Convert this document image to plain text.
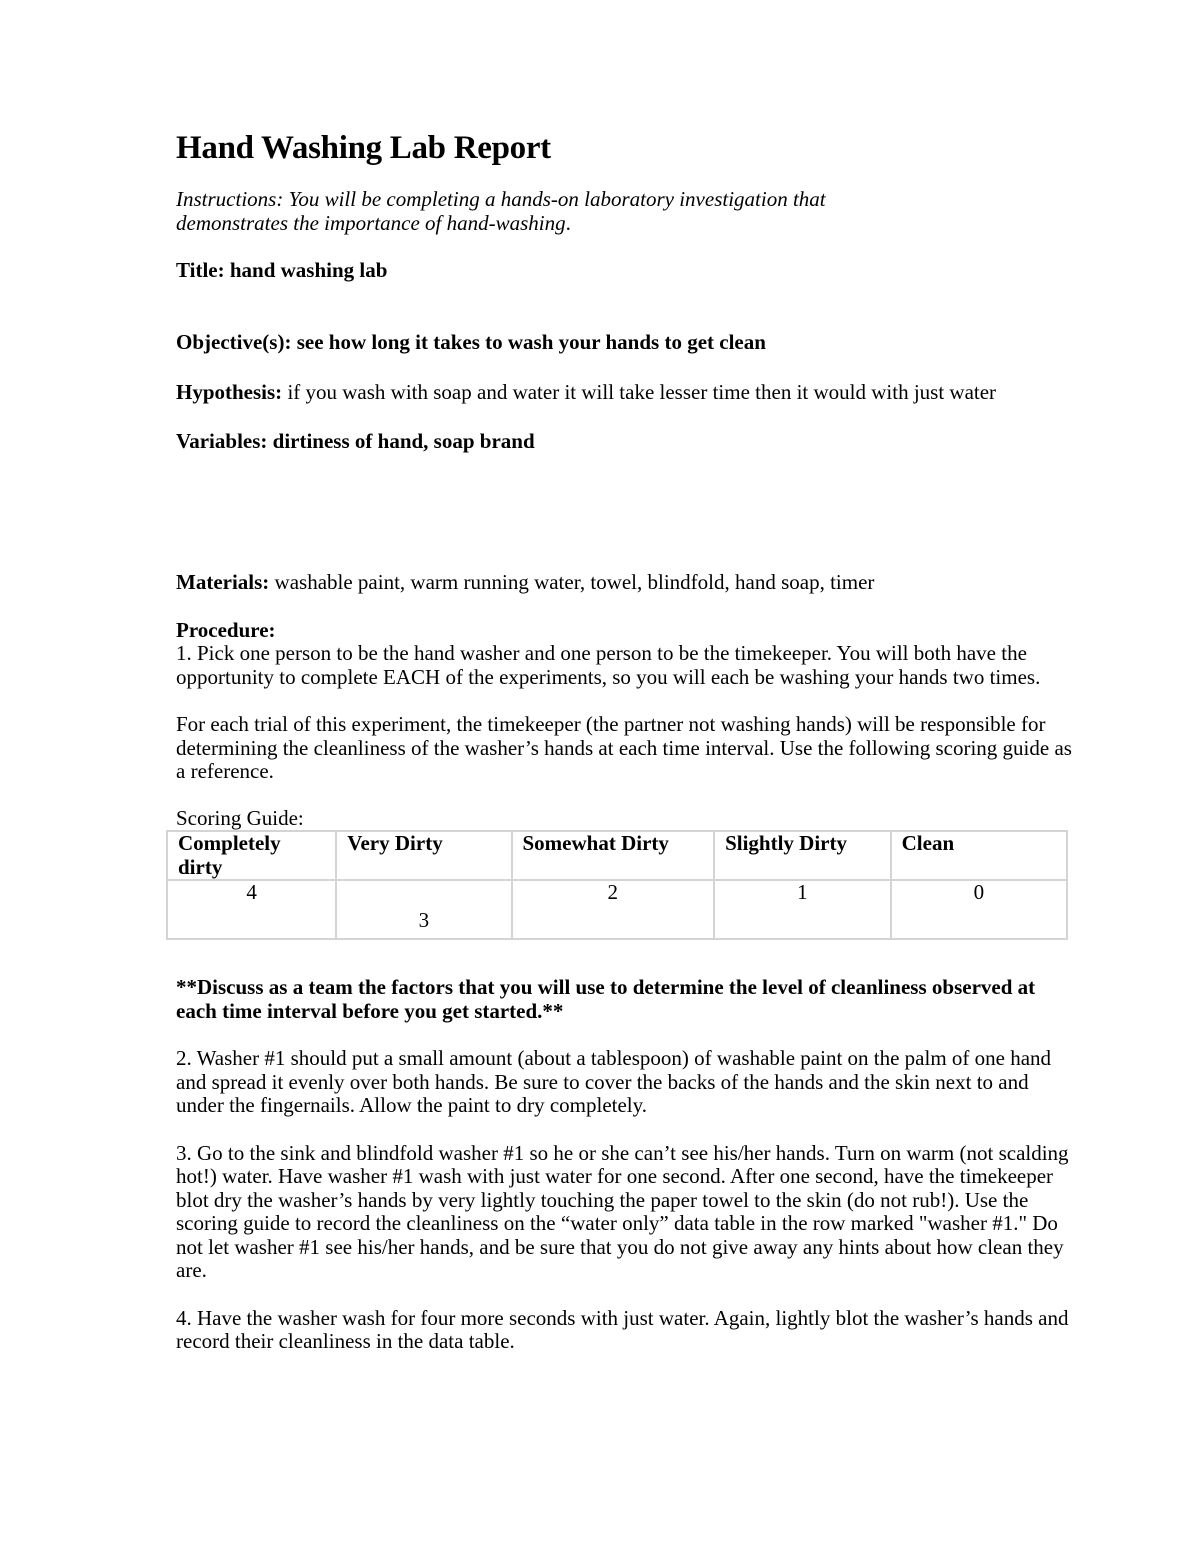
Hand Washing Lab Report

Instructions: You will be completing a hands-on laboratory investigation that demonstrates the importance of hand-washing.

Title: hand washing lab

Objective(s): see how long it takes to wash your hands to get clean

Hypothesis: if you wash with soap and water it will take lesser time then it would with just water

Variables: dirtiness of hand, soap brand

Materials: washable paint, warm running water, towel, blindfold, hand soap, timer

Procedure:

1. Pick one person to be the hand washer and one person to be the timekeeper. You will both have the opportunity to complete EACH of the experiments, so you will each be washing your hands two times.

For each trial of this experiment, the timekeeper (the partner not washing hands) will be responsible for determining the cleanliness of the washer’s hands at each time interval. Use the following scoring guide as a reference.

Scoring Guide:

Completely dirty	Very Dirty	Somewhat Dirty	Slightly Dirty	Clean
4	3	2	1	0

**Discuss as a team the factors that you will use to determine the level of cleanliness observed at each time interval before you get started.**

2. Washer #1 should put a small amount (about a tablespoon) of washable paint on the palm of one hand and spread it evenly over both hands. Be sure to cover the backs of the hands and the skin next to and under the fingernails. Allow the paint to dry completely.

3. Go to the sink and blindfold washer #1 so he or she can’t see his/her hands. Turn on warm (not scalding hot!) water. Have washer #1 wash with just water for one second. After one second, have the timekeeper blot dry the washer’s hands by very lightly touching the paper towel to the skin (do not rub!). Use the scoring guide to record the cleanliness on the “water only” data table in the row marked "washer #1." Do not let washer #1 see his/her hands, and be sure that you do not give away any hints about how clean they are.

4. Have the washer wash for four more seconds with just water. Again, lightly blot the washer’s hands and record their cleanliness in the data table.
